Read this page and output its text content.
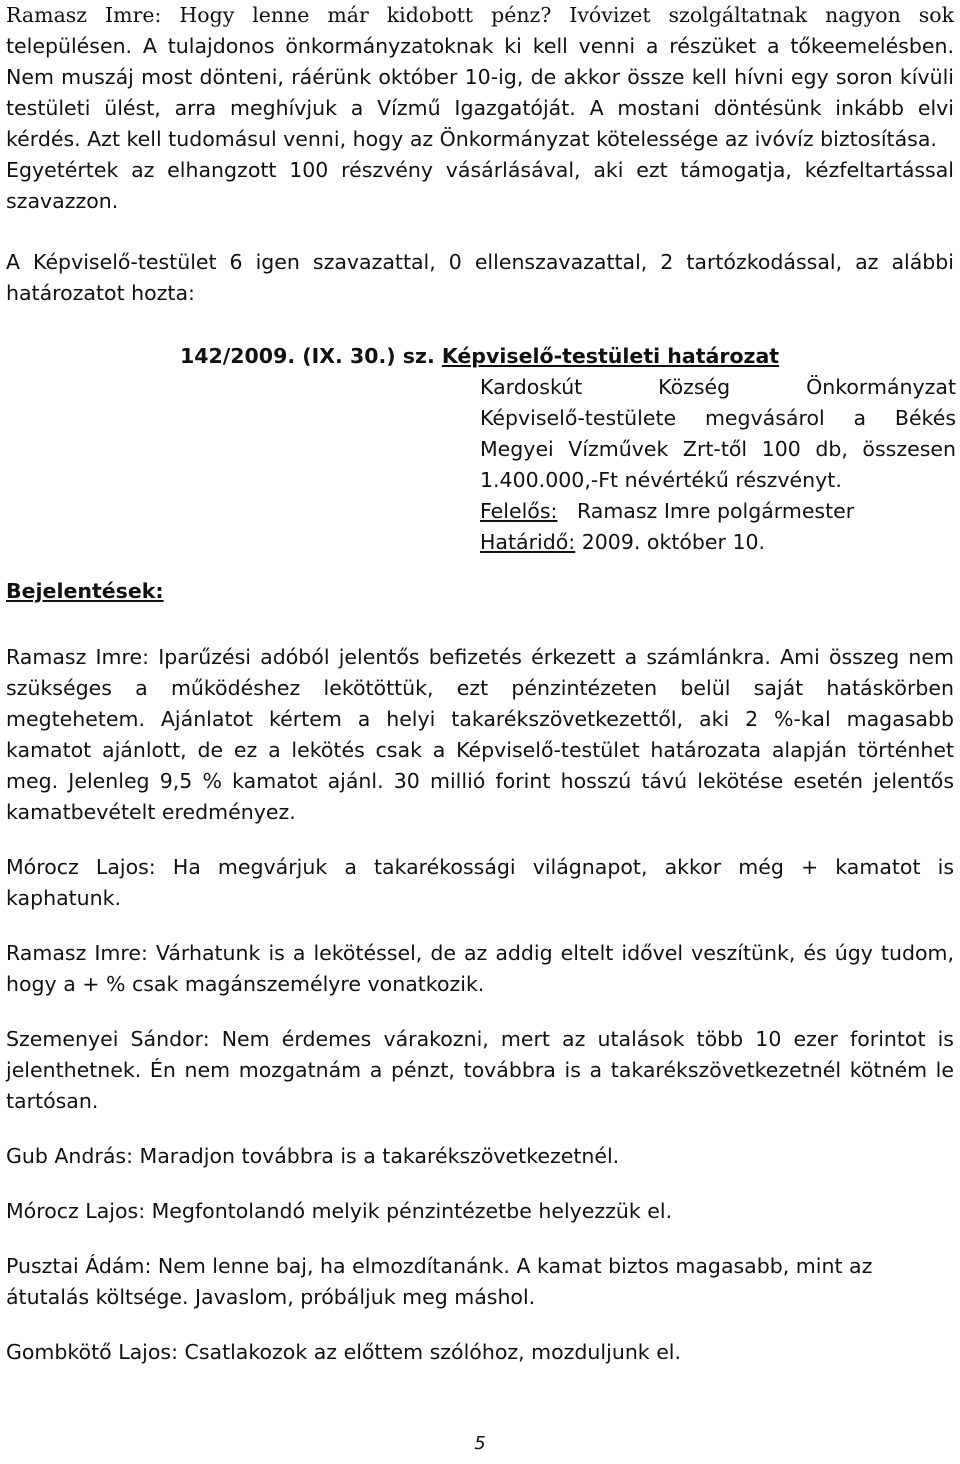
Ramasz Imre: Hogy lenne már kidobott pénz? Ivóvizet szolgáltatnak nagyon sok településen. A tulajdonos önkormányzatoknak ki kell venni a részüket a tőkeemelésben. Nem muszáj most dönteni, ráérünk október 10-ig, de akkor össze kell hívni egy soron kívüli testületi ülést, arra meghívjuk a Vízmű Igazgatóját. A mostani döntésünk inkább elvi kérdés. Azt kell tudomásul venni, hogy az Önkormányzat kötelessége az ivóvíz biztosítása.

Egyetértek az elhangzott 100 részvény vásárlásával, aki ezt támogatja, kézfeltartással szavazzon.

A Képviselő-testület 6 igen szavazattal, 0 ellenszavazattal, 2 tartózkodással, az alábbi határozatot hozta:

142/2009. (IX. 30.) sz. Képviselő-testületi határozat
Kardoskút Község Önkormányzat
Képviselő-testülete megvásárol a Békés
Megyei Vízművek Zrt-től 100 db, összesen
1.400.000,-Ft névértékű részvényt.
Felelős: Ramasz Imre polgármester
Határidő: 2009. október 10.
Bejelentések:

Ramasz Imre: Iparűzési adóból jelentős befizetés érkezett a számlánkra. Ami összeg nem szükséges a működéshez lekötöttük, ezt pénzintézeten belül saját hatáskörben megtehetem. Ajánlatot kértem a helyi takarékszövetkezettől, aki 2 %-kal magasabb kamatot ajánlott, de ez a lekötés csak a Képviselő-testület határozata alapján történhet meg. Jelenleg 9,5 % kamatot ajánl. 30 millió forint hosszú távú lekötése esetén jelentős kamatbevételt eredményez.

Mórocz Lajos: Ha megvárjuk a takarékossági világnapot, akkor még + kamatot is kaphatunk.

Ramasz Imre: Várhatunk is a lekötéssel, de az addig eltelt idővel veszítünk, és úgy tudom, hogy a + % csak magánszemélyre vonatkozik.

Szemenyei Sándor: Nem érdemes várakozni, mert az utalások több 10 ezer forintot is jelenthetnek. Én nem mozgatnám a pénzt, továbbra is a takarékszövetkezetnél kötném le tartósan.

Gub András: Maradjon továbbra is a takarékszövetkezetnél.

Mórocz Lajos: Megfontolandó melyik pénzintézetbe helyezzük el.

Pusztai Ádám: Nem lenne baj, ha elmozdítanánk. A kamat biztos magasabb, mint az átutalás költsége. Javaslom, próbáljuk meg máshol.

Gombkötő Lajos: Csatlakozok az előttem szólóhoz, mozduljunk el.

5
